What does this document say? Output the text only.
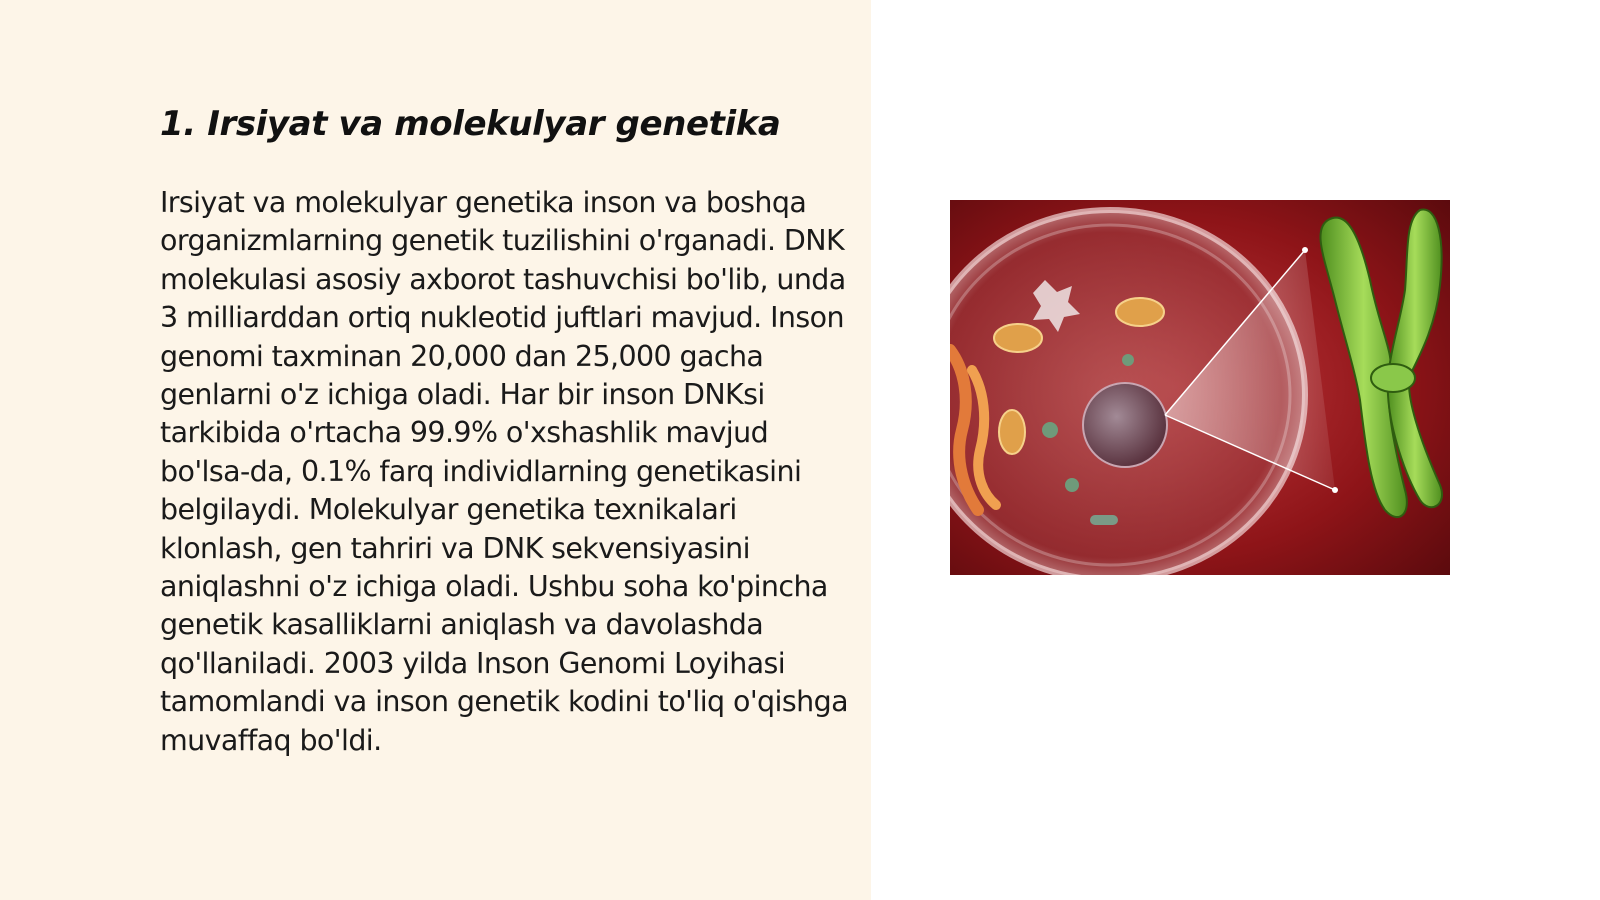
1. Irsiyat va molekulyar genetika

Irsiyat va molekulyar genetika inson va boshqa organizmlarning genetik tuzilishini o'rganadi. DNK molekulasi asosiy axborot tashuvchisi bo'lib, unda 3 milliarddan ortiq nukleotid juftlari mavjud. Inson genomi taxminan 20,000 dan 25,000 gacha genlarni o'z ichiga oladi. Har bir inson DNKsi tarkibida o'rtacha 99.9% o'xshashlik mavjud bo'lsa-da, 0.1% farq individlarning genetikasini belgilaydi. Molekulyar genetika texnikalari klonlash, gen tahriri va DNK sekvensiyasini aniqlashni o'z ichiga oladi. Ushbu soha ko'pincha genetik kasalliklarni aniqlash va davolashda qo'llaniladi. 2003 yilda Inson Genomi Loyihasi tamomlandi va inson genetik kodini to'liq o'qishga muvaffaq bo'ldi.
